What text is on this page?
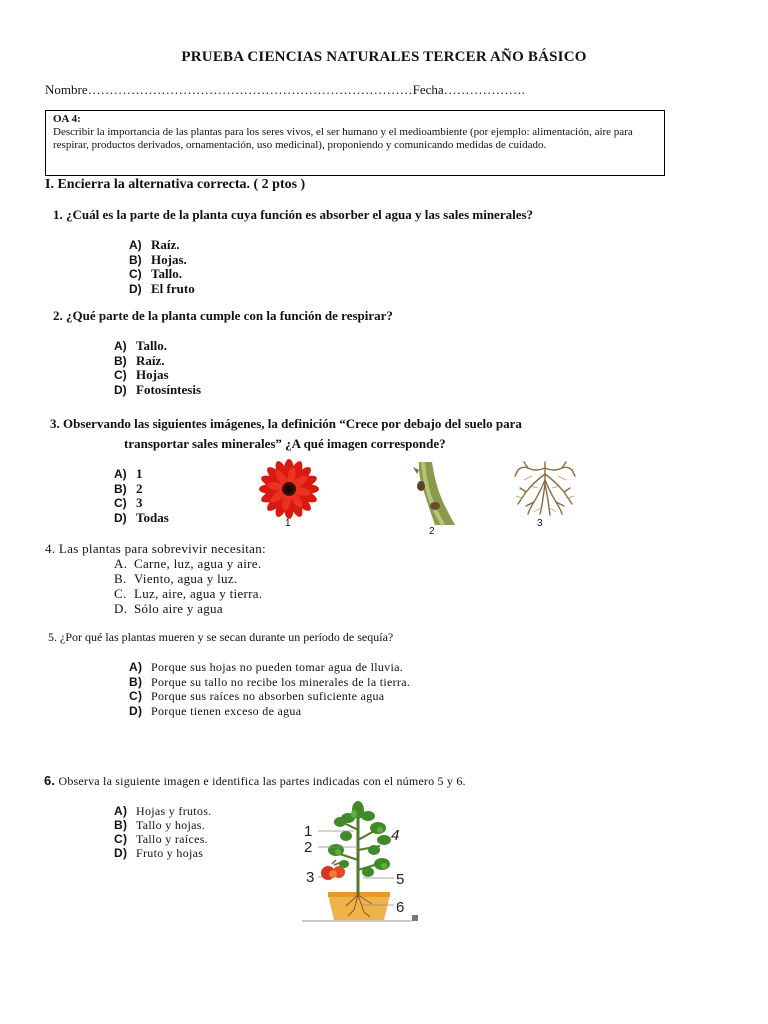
PRUEBA CIENCIAS NATURALES TERCER AÑO BÁSICO
Nombre…………………………………………………………………Fecha……………….
OA 4:
Describir la importancia de las plantas para los seres vivos, el ser humano y el medioambiente (por ejemplo: alimentación, aire para respirar, productos derivados, ornamentación, uso medicinal), proponiendo y comunicando medidas de cuidado.
I. Encierra la alternativa correcta. ( 2 ptos )
1. ¿Cuál es la parte de la planta cuya función es absorber el agua y las sales minerales?
A) Raíz.
B) Hojas.
C) Tallo.
D) El fruto
2. ¿Qué parte de la planta cumple con la función de respirar?
A) Tallo.
B) Raíz.
C) Hojas
D) Fotosíntesis
3. Observando las siguientes imágenes, la definición “Crece por debajo del suelo para
transportar sales minerales” ¿A qué imagen corresponde?
A) 1
B) 2
C) 3
D) Todas	1
2
3
4. Las plantas para sobrevivir necesitan:
A. Carne, luz, agua y aire.
B. Viento, agua y luz.
C. Luz, aire, agua y tierra.
D. Sólo aire y agua
5. ¿Por qué las plantas mueren y se secan durante un período de sequía?
A) Porque sus hojas no pueden tomar agua de lluvia.
B) Porque su tallo no recibe los minerales de la tierra.
C) Porque sus raíces no absorben suficiente agua
D) Porque tienen exceso de agua
6. Observa la siguiente imagen e identifica las partes indicadas con el número 5 y 6.
A) Hojas y frutos.
B) Tallo y hojas.
C) Tallo y raíces.
D) Fruto y hojas
1
2
3
4
5
6
